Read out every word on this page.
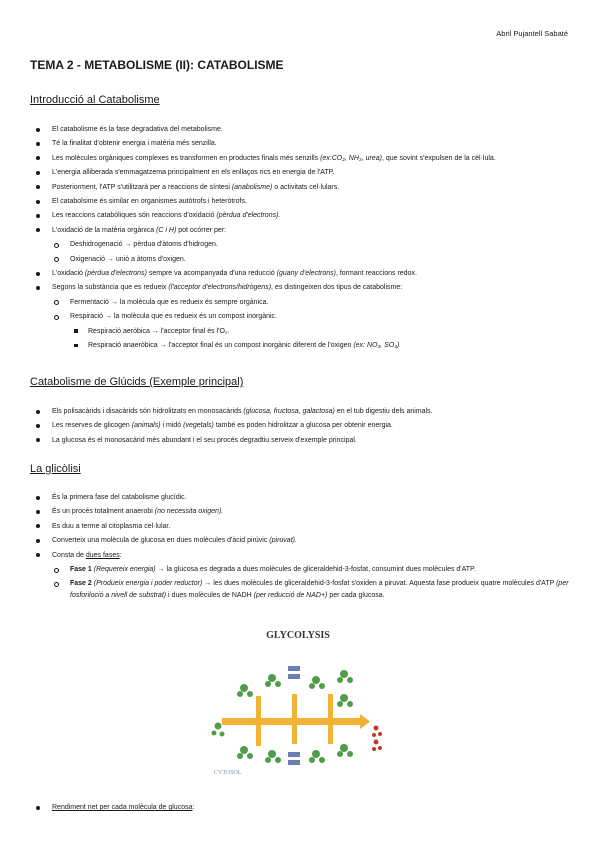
Abril Pujantell Sabaté
TEMA 2 - METABOLISME (II): CATABOLISME
Introducció al Catabolisme
El catabolisme és la fase degradativa del metabolisme.
Té la finalitat d'obtenir energia i matèria més senzilla.
Les molècules orgàniques complexes es transformen en productes finals més senzills (ex:CO₂, NH₃, urea), que sovint s'expulsen de la cèl·lula.
L'energia alliberada s'emmagatzema principalment en els enllaços rics en energia de l'ATP.
Posteriorment, l'ATP s'utilitzarà per a reaccions de síntesi (anabolisme) o activitats cel·lulars.
El catabolsime és similar en organismes autòtrofs i heteròtrofs.
Les reaccions catabòliques són reaccions d'oxidació (pèrdua d'electrons).
L'oxidació de la matèria orgànica (C i H) pot ocórrer per:
Deshidrogenació → pèrdua d'àtoms d'hidrogen.
Oxigenació → unió a àtoms d'oxigen.
L'oxidació (pèrdua d'electrons) sempre va acompanyada d'una reducció (guany d'electrons), formant reaccions redox.
Segons la substància que es redueix (l'acceptor d'electrons/hidrògens), es distingeixen dos tipus de catabolisme:
Fermentació → la molècula que es redueix és sempre orgànica.
Respiració → la molècula que es redueix és un compost inorgànic.
Respiració aeròbica → l'acceptor final és l'O₂.
Respiració anaeròbica → l'acceptor final és un compost inorgànic diferent de l'oxigen (ex: NO₃, SO₄)
Catabolisme de Glúcids (Exemple principal)
Els polisacàrids i disacàrids són hidrolitzats en monosacàrids (glucosa, fructosa, galactosa) en el tub digestiu dels animals.
Les reserves de glicogen (animals) i midó (vegetals) també es poden hidrolitzar a glucosa per obtenir energia.
La glucosa és el monosacàrid més abundant i el seu procés degradtiu serveix d'exemple principal.
La glicòlisi
És la primera fase del catabolisme glucídic.
És un procés totalment anaerobi (no necessita oxigen).
Es duu a terme al citoplasma cel·lular.
Converteix una molècula de glucosa en dues molècules d'àcid pirúvic (piruvat).
Consta de dues fases:
Fase 1 (Requereix energia) → la glucosa es degrada a dues molècules de gliceraldehid-3-fosfat, consumint dues molècules d'ATP.
Fase 2 (Produeix energia i poder reductor) → les dues molècules de gliceraldehid-3-fosfat s'oxiden a piruvat. Aquesta fase produeix quatre molècules d'ATP (per fosforiloció a nivell de substrat) i dues molècules de NADH (per reducció de NAD+) per cada glucosa.
GLYCOLYSIS
CYTOSOL
Rendiment net per cada molècula de glucosa:
